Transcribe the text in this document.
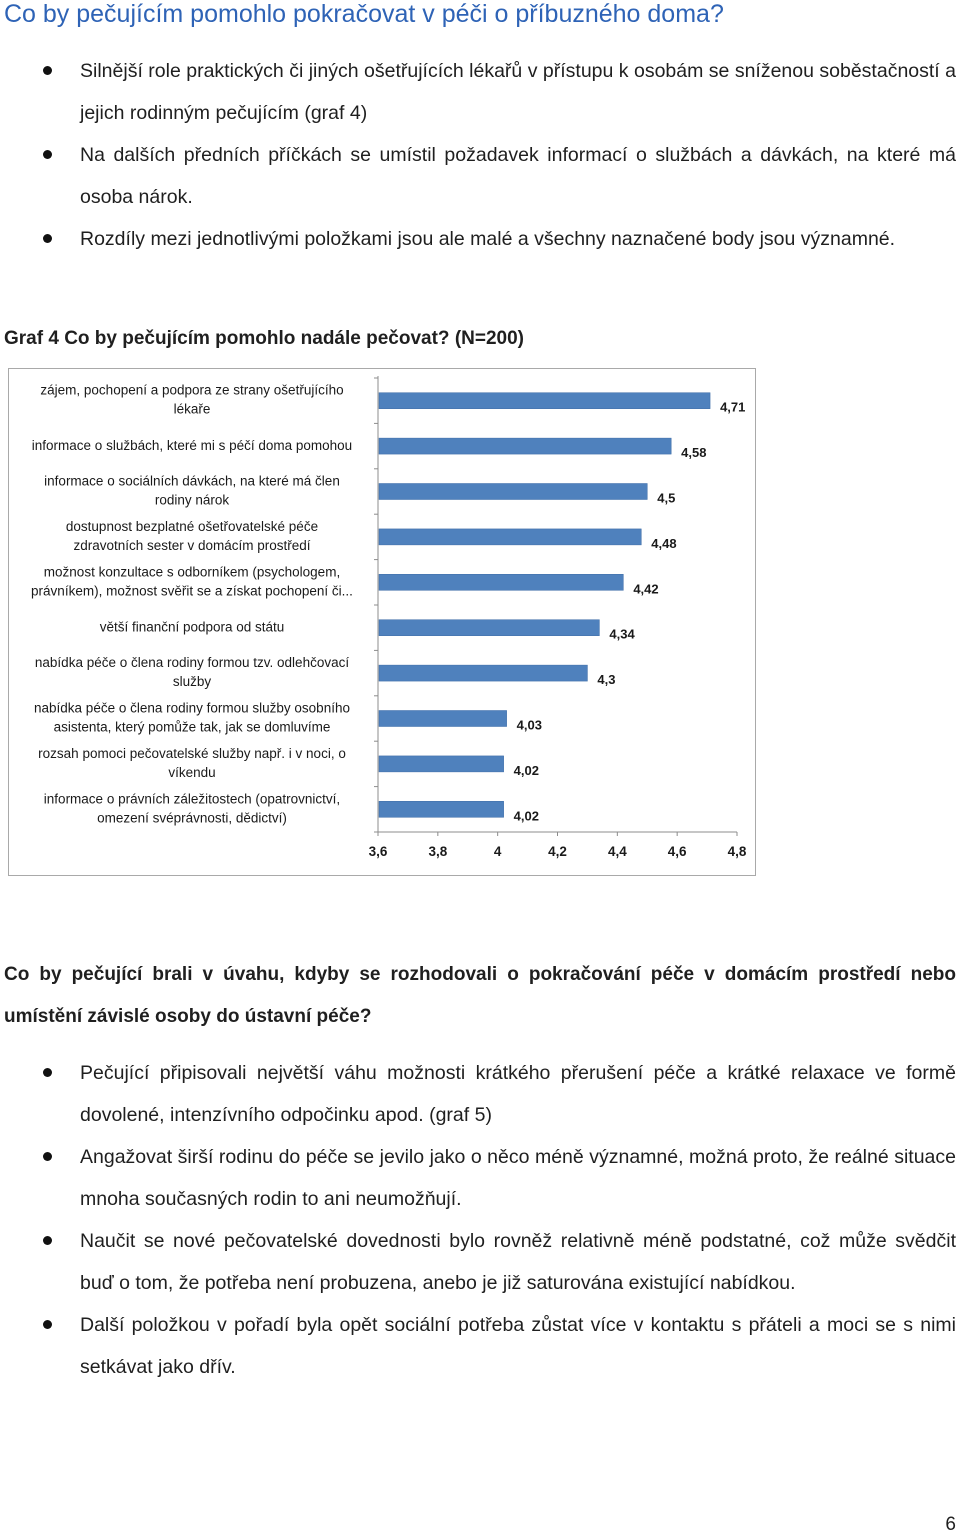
Co by pečujícím pomohlo pokračovat v péči o příbuzného doma?
Silnější role praktických či jiných ošetřujících lékařů v přístupu k osobám se sníženou soběstačností a jejich rodinným pečujícím (graf 4)
Na dalších předních příčkách se umístil požadavek informací o službách a dávkách, na které má osoba nárok.
Rozdíly mezi jednotlivými položkami jsou ale malé a všechny naznačené body jsou významné.

Graf 4 Co by pečujícím pomohlo nadále pečovat? (N=200)

3,6	3,8	4	4,2	4,4	4,6	4,8
4,71
zájem, pochopení a podpora ze strany ošetřujícího lékaře
4,58
informace o službách, které mi s péčí doma pomohou
4,5
informace o sociálních dávkách, na které má člen rodiny nárok
4,48
dostupnost bezplatné ošetřovatelské péče zdravotních sester v domácím prostředí
4,42
možnost konzultace s odborníkem (psychologem, právníkem), možnost svěřit se a získat pochopení či...
4,34
větší finanční podpora od státu
4,3
nabídka péče o člena rodiny formou tzv. odlehčovací služby
4,03
nabídka péče o člena rodiny formou služby osobního asistenta, který pomůže tak, jak se domluvíme
4,02
rozsah pomoci pečovatelské služby např. i v noci, o víkendu
4,02
informace o právních záležitostech (opatrovnictví, omezení svéprávnosti, dědictví)

Co by pečující brali v úvahu, kdyby se rozhodovali o pokračování péče v domácím prostředí nebo umístění závislé osoby do ústavní péče?

Pečující připisovali největší váhu možnosti krátkého přerušení péče a krátké relaxace ve formě dovolené, intenzívního odpočinku apod. (graf 5)
Angažovat širší rodinu do péče se jevilo jako o něco méně významné, možná proto, že reálné situace mnoha současných rodin to ani neumožňují.
Naučit se nové pečovatelské dovednosti bylo rovněž relativně méně podstatné, což může svědčit buď o tom, že potřeba není probuzena, anebo je již saturována existující nabídkou.
Další položkou v pořadí byla opět sociální potřeba zůstat více v kontaktu s přáteli a moci se s nimi setkávat jako dřív.
6
